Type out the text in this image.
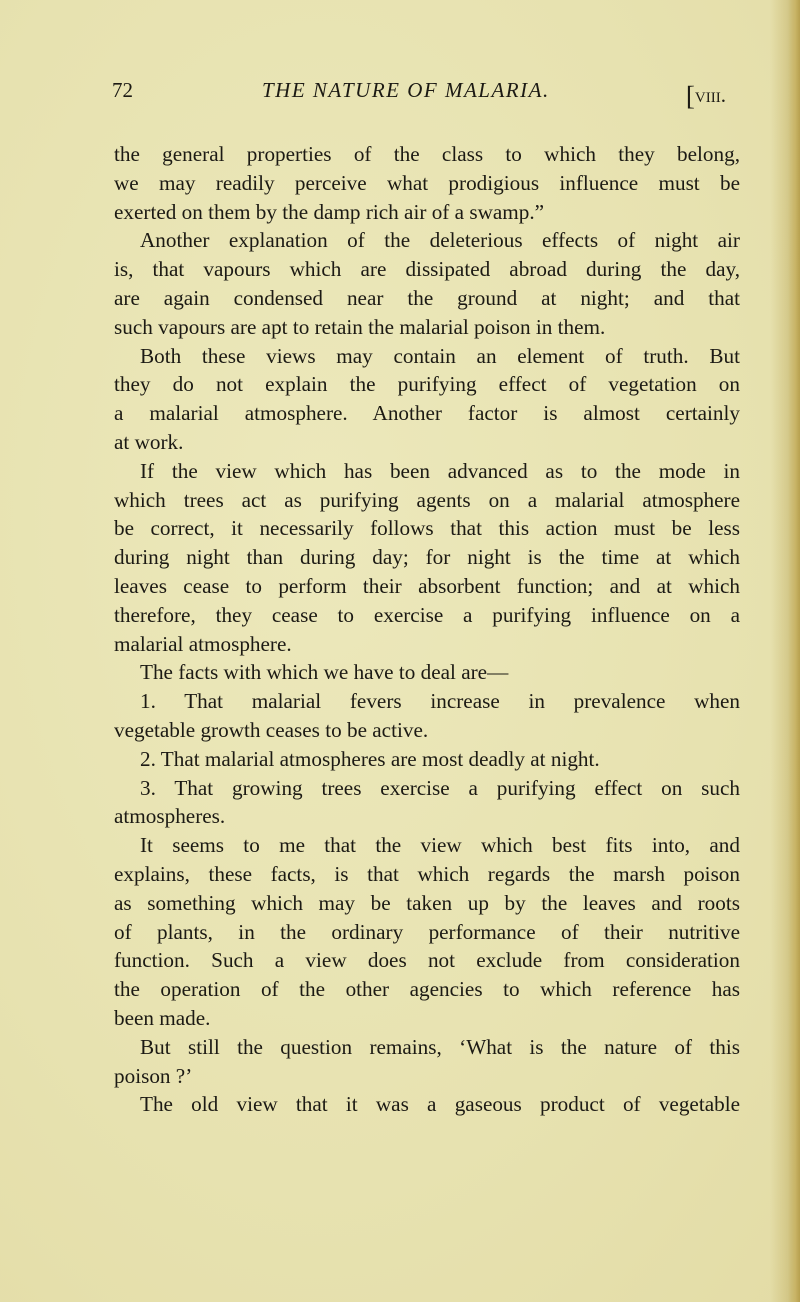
72	THE NATURE OF MALARIA.	[viii.
the general properties of the class to which they belong,
we may readily perceive what prodigious influence must be
exerted on them by the damp rich air of a swamp.”
Another explanation of the deleterious effects of night air
is, that vapours which are dissipated abroad during the day,
are again condensed near the ground at night; and that
such vapours are apt to retain the malarial poison in them.
Both these views may contain an element of truth. But
they do not explain the purifying effect of vegetation on
a malarial atmosphere. Another factor is almost certainly
at work.
If the view which has been advanced as to the mode in
which trees act as purifying agents on a malarial atmosphere
be correct, it necessarily follows that this action must be less
during night than during day; for night is the time at which
leaves cease to perform their absorbent function; and at which
therefore, they cease to exercise a purifying influence on a
malarial atmosphere.
The facts with which we have to deal are—
1. That malarial fevers increase in prevalence when
vegetable growth ceases to be active.
2. That malarial atmospheres are most deadly at night.
3. That growing trees exercise a purifying effect on such
atmospheres.
It seems to me that the view which best fits into, and
explains, these facts, is that which regards the marsh poison
as something which may be taken up by the leaves and roots
of plants, in the ordinary performance of their nutritive
function. Such a view does not exclude from consideration
the operation of the other agencies to which reference has
been made.
But still the question remains, ‘What is the nature of this
poison ?’
The old view that it was a gaseous product of vegetable
